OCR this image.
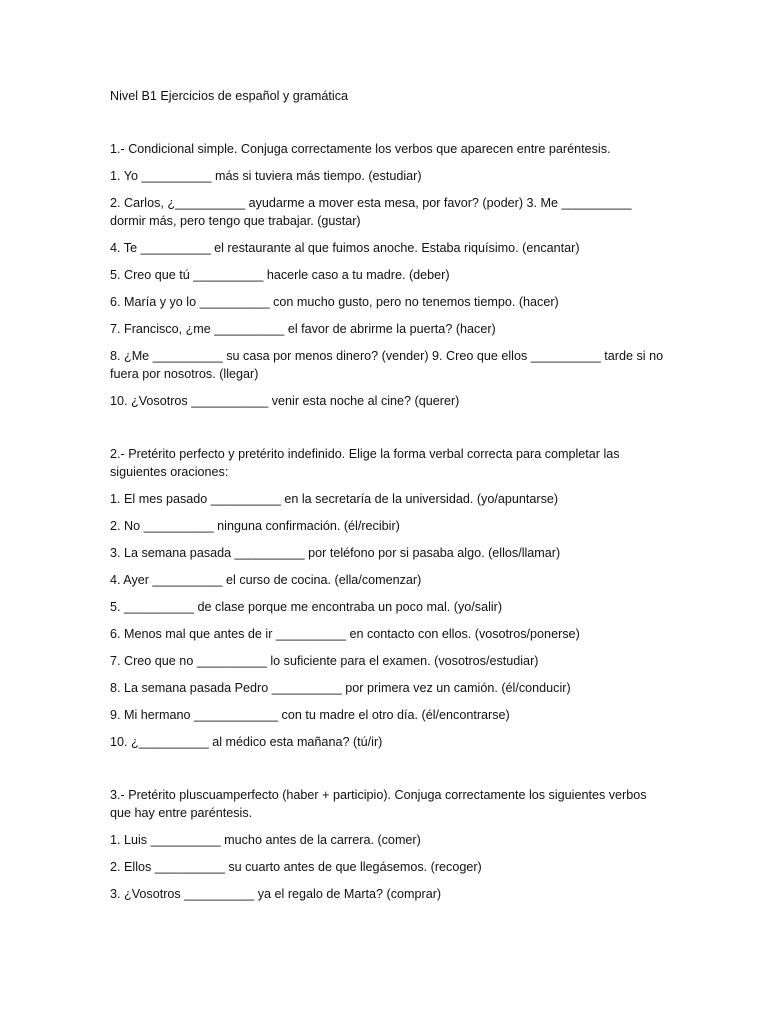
Nivel B1 Ejercicios de español y gramática
1.- Condicional simple. Conjuga correctamente los verbos que aparecen entre paréntesis.
1. Yo __________ más si tuviera más tiempo. (estudiar)
2. Carlos, ¿__________ ayudarme a mover esta mesa, por favor? (poder) 3. Me __________ dormir más, pero tengo que trabajar. (gustar)
4. Te __________ el restaurante al que fuimos anoche. Estaba riquísimo. (encantar)
5. Creo que tú __________ hacerle caso a tu madre. (deber)
6. María y yo lo __________ con mucho gusto, pero no tenemos tiempo. (hacer)
7. Francisco, ¿me __________ el favor de abrirme la puerta? (hacer)
8. ¿Me __________ su casa por menos dinero? (vender) 9. Creo que ellos __________ tarde si no fuera por nosotros. (llegar)
10. ¿Vosotros ___________ venir esta noche al cine? (querer)
2.- Pretérito perfecto y pretérito indefinido. Elige la forma verbal correcta para completar las siguientes oraciones:
1. El mes pasado __________ en la secretaría de la universidad. (yo/apuntarse)
2. No __________ ninguna confirmación. (él/recibir)
3. La semana pasada __________ por teléfono por si pasaba algo. (ellos/llamar)
4. Ayer __________ el curso de cocina. (ella/comenzar)
5. __________ de clase porque me encontraba un poco mal. (yo/salir)
6. Menos mal que antes de ir __________ en contacto con ellos. (vosotros/ponerse)
7. Creo que no __________ lo suficiente para el examen. (vosotros/estudiar)
8. La semana pasada Pedro __________ por primera vez un camión. (él/conducir)
9. Mi hermano ____________ con tu madre el otro día. (él/encontrarse)
10. ¿__________ al médico esta mañana? (tú/ir)
3.- Pretérito pluscuamperfecto (haber + participio). Conjuga correctamente los siguientes verbos que hay entre paréntesis.
1. Luis __________ mucho antes de la carrera. (comer)
2. Ellos __________ su cuarto antes de que llegásemos. (recoger)
3. ¿Vosotros __________ ya el regalo de Marta? (comprar)
